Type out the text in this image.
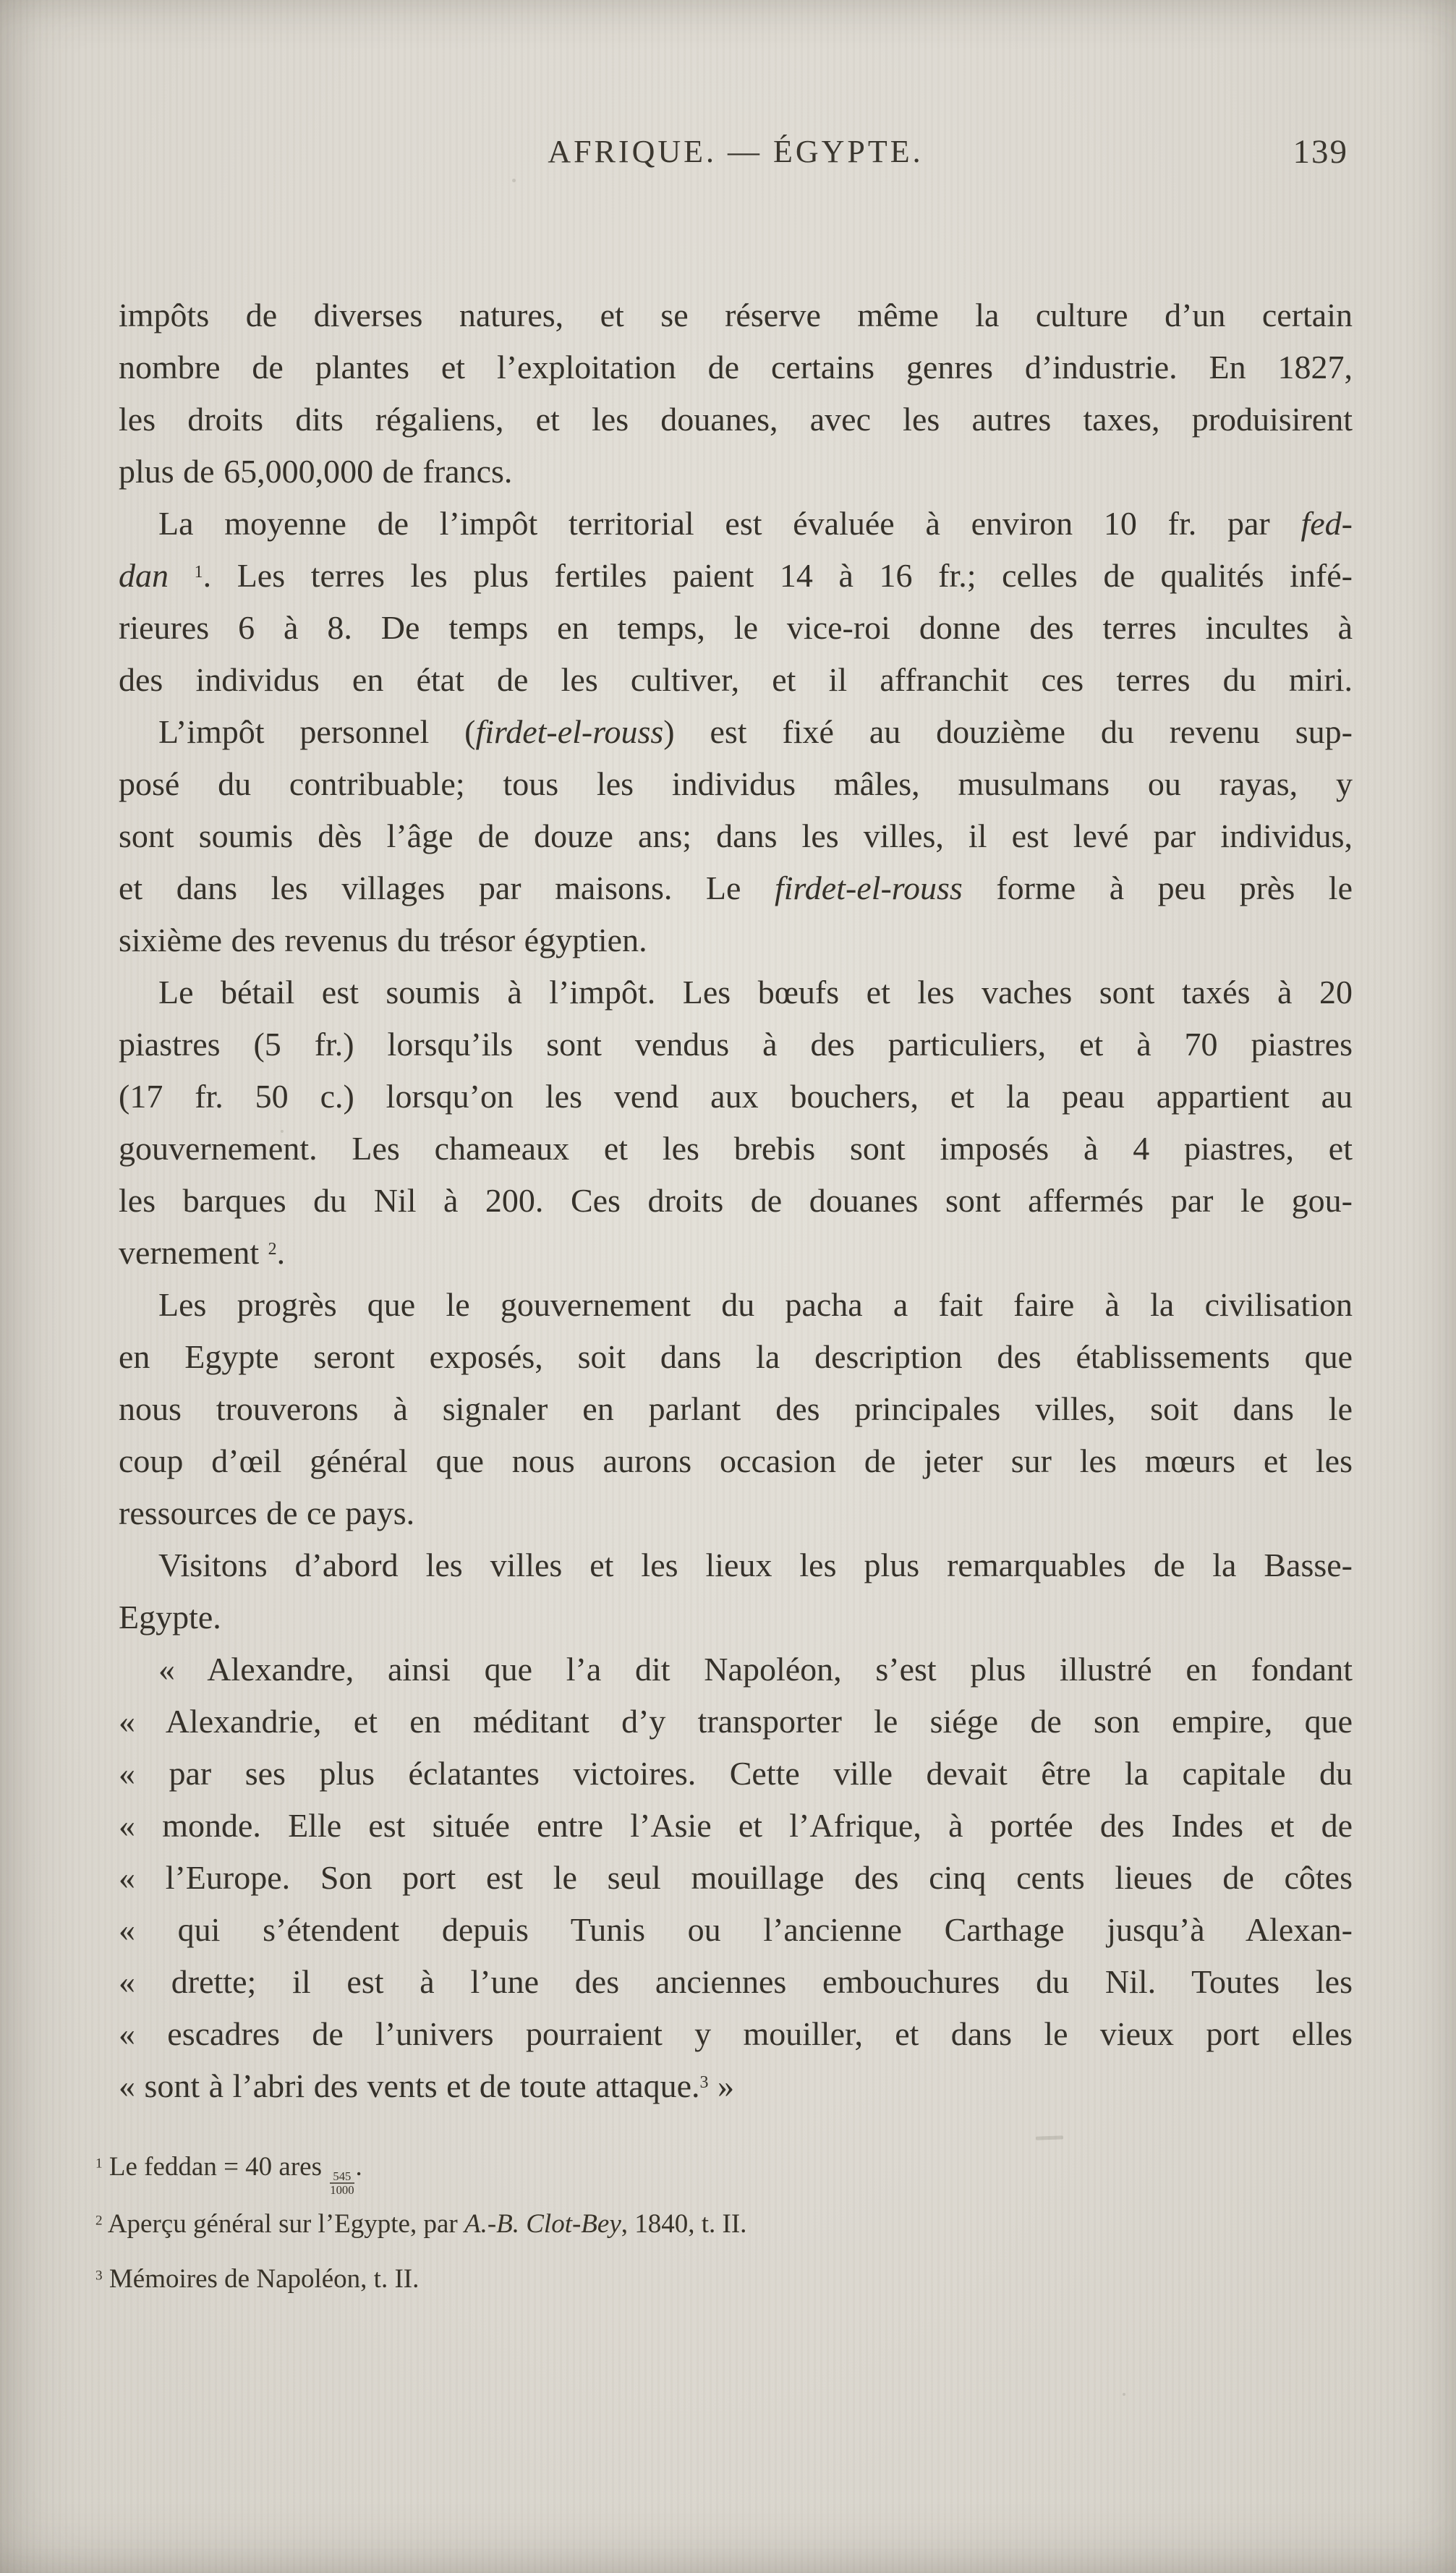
139
AFRIQUE. — ÉGYPTE.
impôts de diverses natures, et se réserve même la culture d’un certain
nombre de plantes et l’exploitation de certains genres d’industrie. En 1827,
les droits dits régaliens, et les douanes, avec les autres taxes, produisirent
plus de 65,000,000 de francs.
La moyenne de l’impôt territorial est évaluée à environ 10 fr. par fed-
dan $^1$. Les terres les plus fertiles paient 14 à 16 fr.; celles de qualités infé-
rieures 6 à 8. De temps en temps, le vice-roi donne des terres incultes à
des individus en état de les cultiver, et il affranchit ces terres du miri.
L’impôt personnel (firdet-el-rouss) est fixé au douzième du revenu sup-
posé du contribuable; tous les individus mâles, musulmans ou rayas, y
sont soumis dès l’âge de douze ans; dans les villes, il est levé par individus,
et dans les villages par maisons. Le firdet-el-rouss forme à peu près le
sixième des revenus du trésor égyptien.
Le bétail est soumis à l’impôt. Les bœufs et les vaches sont taxés à 20
piastres (5 fr.) lorsqu’ils sont vendus à des particuliers, et à 70 piastres
(17 fr. 50 c.) lorsqu’on les vend aux bouchers, et la peau appartient au
gouvernement. Les chameaux et les brebis sont imposés à 4 piastres, et
les barques du Nil à 200. Ces droits de douanes sont affermés par le gou-
vernement $^2$.
Les progrès que le gouvernement du pacha a fait faire à la civilisation
en Egypte seront exposés, soit dans la description des établissements que
nous trouverons à signaler en parlant des principales villes, soit dans le
coup d’œil général que nous aurons occasion de jeter sur les mœurs et les
ressources de ce pays.
Visitons d’abord les villes et les lieux les plus remarquables de la Basse-
Egypte.
« Alexandre, ainsi que l’a dit Napoléon, s’est plus illustré en fondant
« Alexandrie, et en méditant d’y transporter le siége de son empire, que
« par ses plus éclatantes victoires. Cette ville devait être la capitale du
« monde. Elle est située entre l’Asie et l’Afrique, à portée des Indes et de
« l’Europe. Son port est le seul mouillage des cinq cents lieues de côtes
« qui s’étendent depuis Tunis ou l’ancienne Carthage jusqu’à Alexan-
« drette; il est à l’une des anciennes embouchures du Nil. Toutes les
« escadres de l’univers pourraient y mouiller, et dans le vieux port elles
« sont à l’abri des vents et de toute attaque.$^3$ »
$^1$ Le feddan = 40 ares
$\frac{545}{1000}$
.
$^2$ Aperçu général sur l’Egypte, par A.-B. Clot-Bey, 1840, t. II.
$^3$ Mémoires de Napoléon, t. II.
